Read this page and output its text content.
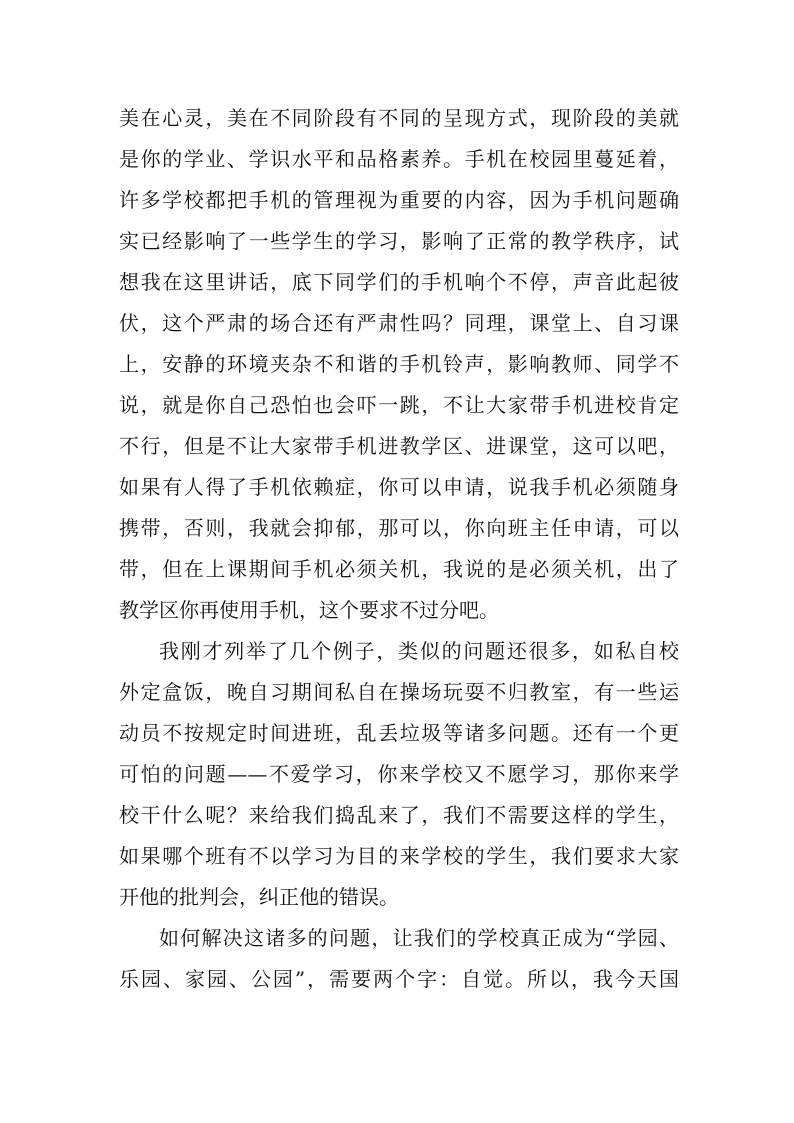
美在心灵，美在不同阶段有不同的呈现方式，现阶段的美就
是你的学业、学识水平和品格素养。手机在校园里蔓延着，
许多学校都把手机的管理视为重要的内容，因为手机问题确
实已经影响了一些学生的学习，影响了正常的教学秩序，试
想我在这里讲话，底下同学们的手机响个不停，声音此起彼
伏，这个严肃的场合还有严肃性吗？同理，课堂上、自习课
上，安静的环境夹杂不和谐的手机铃声，影响教师、同学不
说，就是你自己恐怕也会吓一跳，不让大家带手机进校肯定
不行，但是不让大家带手机进教学区、进课堂，这可以吧，
如果有人得了手机依赖症，你可以申请，说我手机必须随身
携带，否则，我就会抑郁，那可以，你向班主任申请，可以
带，但在上课期间手机必须关机，我说的是必须关机，出了
教学区你再使用手机，这个要求不过分吧。
我刚才列举了几个例子，类似的问题还很多，如私自校
外定盒饭，晚自习期间私自在操场玩耍不归教室，有一些运
动员不按规定时间进班，乱丢垃圾等诸多问题。还有一个更
可怕的问题——不爱学习，你来学校又不愿学习，那你来学
校干什么呢？来给我们捣乱来了，我们不需要这样的学生，
如果哪个班有不以学习为目的来学校的学生，我们要求大家
开他的批判会，纠正他的错误。
如何解决这诸多的问题，让我们的学校真正成为“学园、
乐园、家园、公园”，需要两个字：自觉。所以，我今天国
